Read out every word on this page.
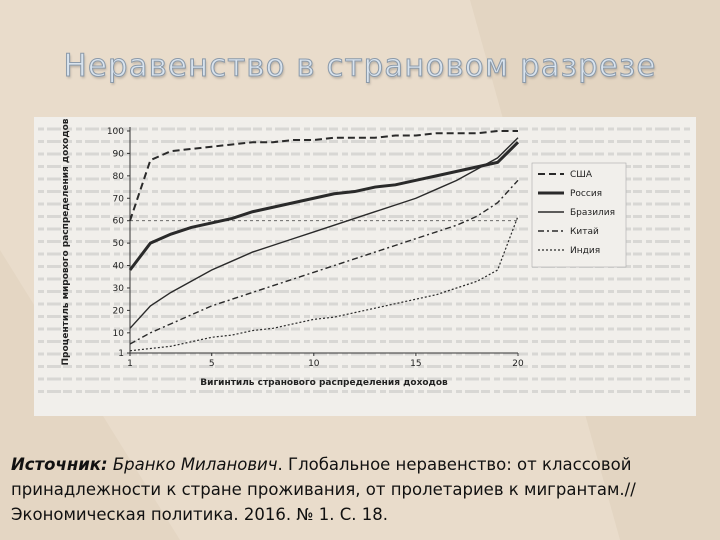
Неравенство в страновом разрезе
1
10
20
30
40
50
60
70
80
90
100
1	5	10	15	20
Вигинтиль странового распределения доходов
Процентиль мирового распределения доходов	США
Россия
Бразилия
Китай
Индия
Источник: Бранко Миланович. Глобальное неравенство: от классовой принадлежности к стране проживания, от пролетариев к мигрантам.// Экономическая политика. 2016. № 1. С. 18.
